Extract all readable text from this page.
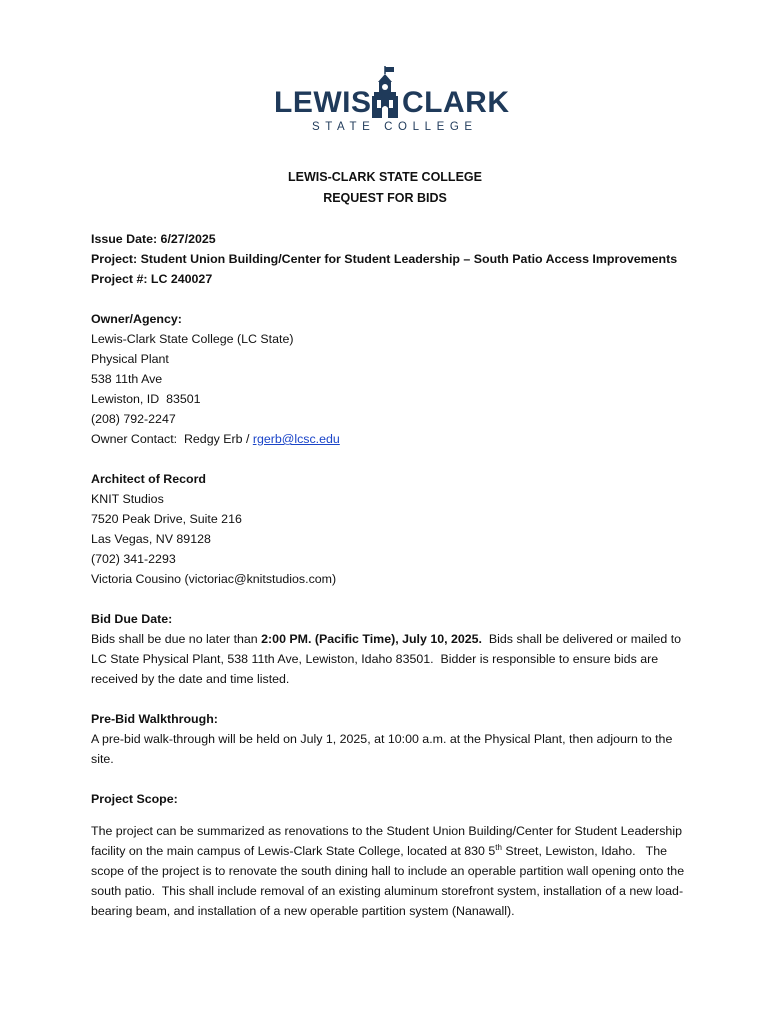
LEWIS CLARK
STATE COLLEGE
LEWIS-CLARK STATE COLLEGE
REQUEST FOR BIDS

Issue Date: 6/27/2025

Project: Student Union Building/Center for Student Leadership – South Patio Access Improvements

Project #: LC 240027

Owner/Agency:

Lewis-Clark State College (LC State)

Physical Plant

538 11th Ave

Lewiston, ID  83501

(208) 792-2247

Owner Contact:  Redgy Erb / rgerb@lcsc.edu

Architect of Record

KNIT Studios

7520 Peak Drive, Suite 216

Las Vegas, NV 89128

(702) 341-2293

Victoria Cousino (victoriac@knitstudios.com)

Bid Due Date:

Bids shall be due no later than 2:00 PM. (Pacific Time), July 10, 2025.  Bids shall be delivered or mailed to LC State Physical Plant, 538 11th Ave, Lewiston, Idaho 83501.  Bidder is responsible to ensure bids are received by the date and time listed.

Pre-Bid Walkthrough:

A pre-bid walk-through will be held on July 1, 2025, at 10:00 a.m. at the Physical Plant, then adjourn to the site.

Project Scope:

The project can be summarized as renovations to the Student Union Building/Center for Student Leadership facility on the main campus of Lewis-Clark State College, located at 830 5th Street, Lewiston, Idaho.   The scope of the project is to renovate the south dining hall to include an operable partition wall opening onto the south patio.  This shall include removal of an existing aluminum storefront system, installation of a new load-bearing beam, and installation of a new operable partition system (Nanawall).
